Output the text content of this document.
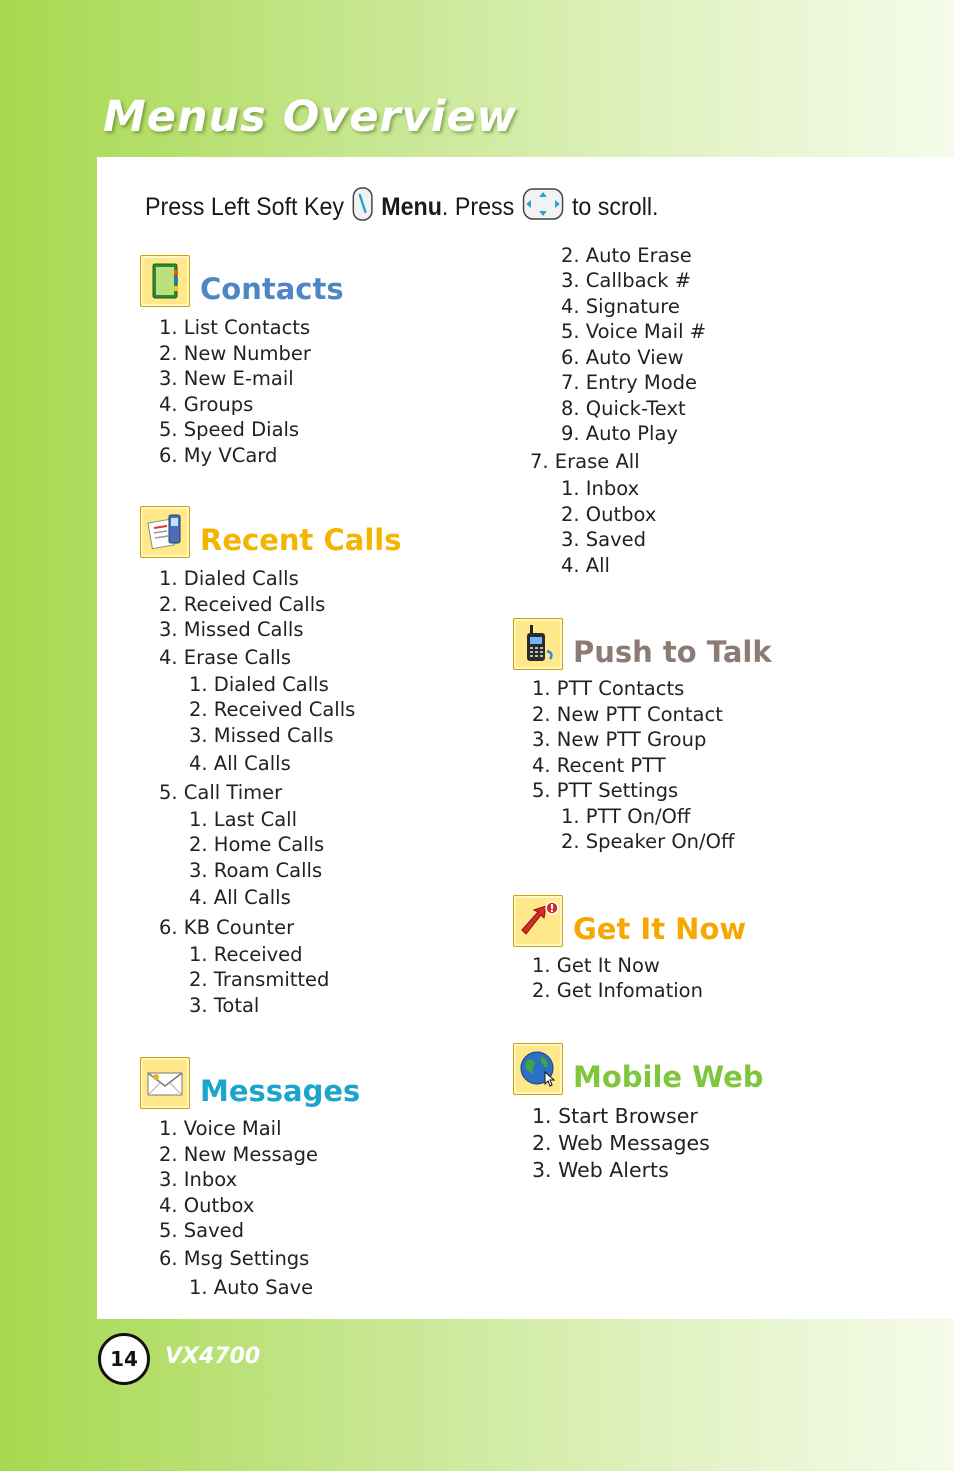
Menus Overview
Press Left Soft Key Menu . Press to scroll.
Contacts
1. List Contacts
2. New Number
3. New E-mail
4. Groups
5. Speed Dials
6. My VCard
Recent Calls
1. Dialed Calls
2. Received Calls
3. Missed Calls
4. Erase Calls
1. Dialed Calls
2. Received Calls
3. Missed Calls
4. All Calls
5. Call Timer
1. Last Call
2. Home Calls
3. Roam Calls
4. All Calls
6. KB Counter
1. Received
2. Transmitted
3. Total
Messages
1. Voice Mail
2. New Message
3. Inbox
4. Outbox
5. Saved
6. Msg Settings
1. Auto Save
2. Auto Erase
3. Callback #
4. Signature
5. Voice Mail #
6. Auto View
7. Entry Mode
8. Quick-Text
9. Auto Play
7. Erase All
1. Inbox
2. Outbox
3. Saved
4. All
Push to Talk
1. PTT Contacts
2. New PTT Contact
3. New PTT Group
4. Recent PTT
5. PTT Settings
1. PTT On/Off
2. Speaker On/Off
Get It Now
1. Get It Now
2. Get Infomation
Mobile Web
1. Start Browser
2. Web Messages
3. Web Alerts
14	VX4700
